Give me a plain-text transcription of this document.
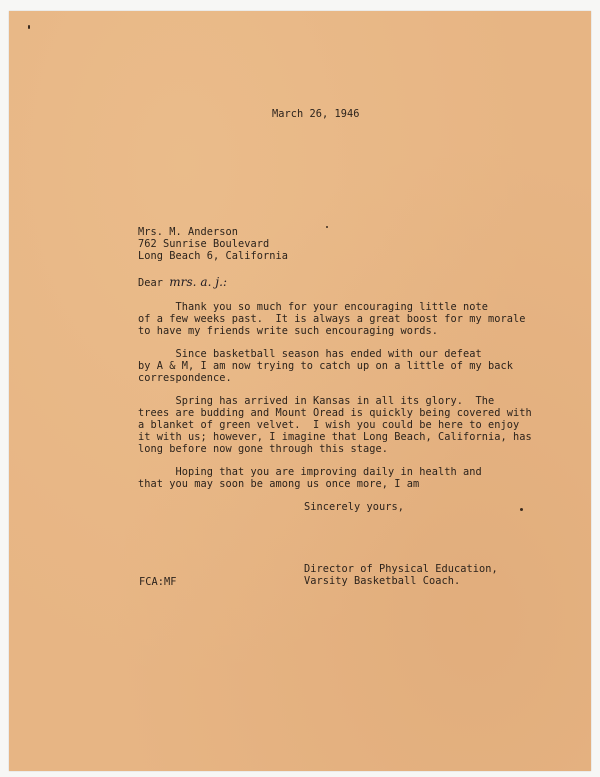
March 26, 1946
Mrs. M. Anderson
762 Sunrise Boulevard
Long Beach 6, California
Dear mrs. a. j.:
Thank you so much for your encouraging little note
of a few weeks past.  It is always a great boost for my morale
to have my friends write such encouraging words.
Since basketball season has ended with our defeat
by A & M, I am now trying to catch up on a little of my back
correspondence.
Spring has arrived in Kansas in all its glory.  The
trees are budding and Mount Oread is quickly being covered with
a blanket of green velvet.  I wish you could be here to enjoy
it with us; however, I imagine that Long Beach, California, has
long before now gone through this stage.
Hoping that you are improving daily in health and
that you may soon be among us once more, I am
Sincerely yours,
Director of Physical Education,
Varsity Basketball Coach.
FCA:MF
